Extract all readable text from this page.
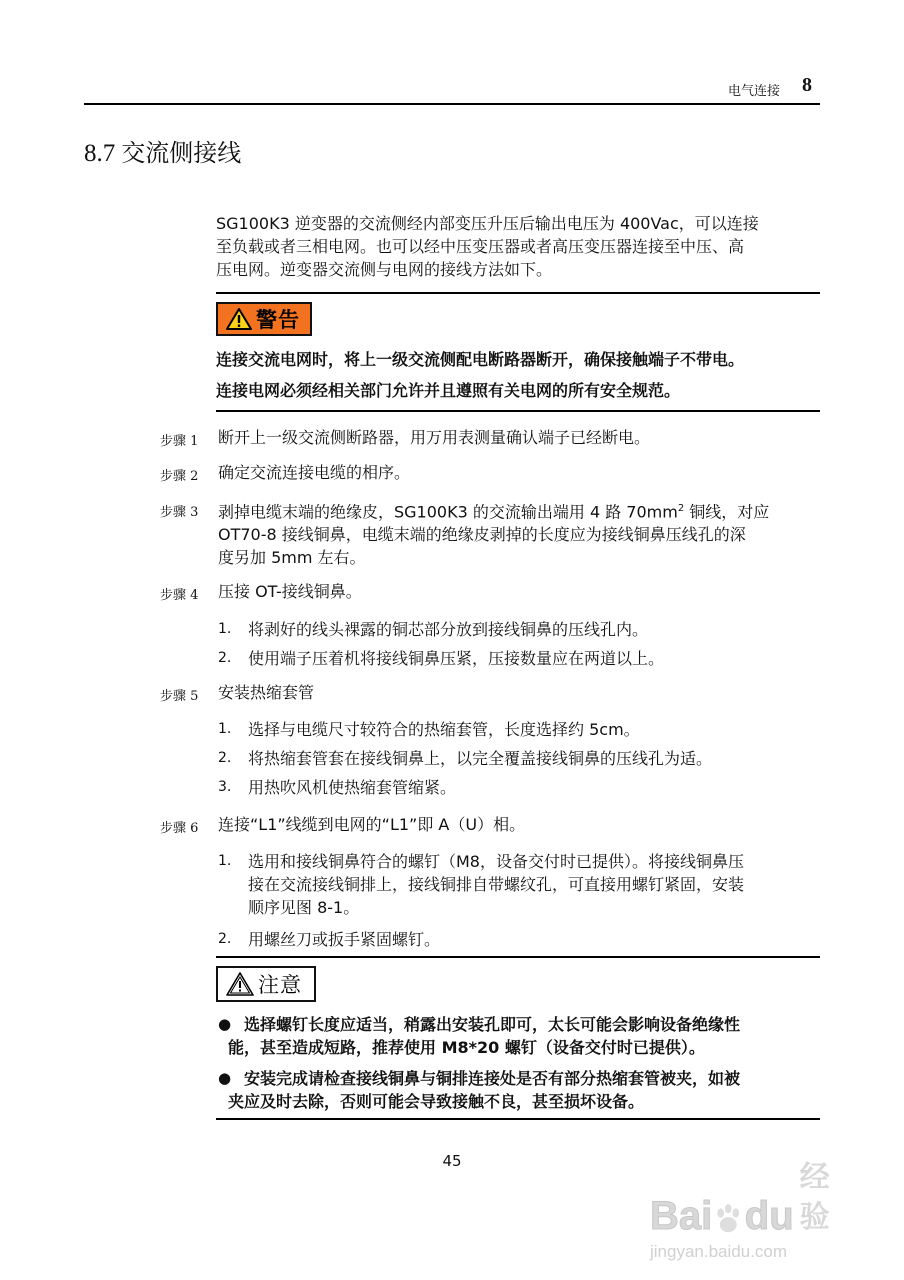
电气连接 8
8.7 交流侧接线
SG100K3 逆变器的交流侧经内部变压升压后输出电压为 400Vac，可以连接
至负载或者三相电网。也可以经中压变压器或者高压变压器连接至中压、高
压电网。逆变器交流侧与电网的接线方法如下。
警告
连接交流电网时，将上一级交流侧配电断路器断开，确保接触端子不带电。
连接电网必须经相关部门允许并且遵照有关电网的所有安全规范。
步骤 1 断开上一级交流侧断路器，用万用表测量确认端子已经断电。
步骤 2 确定交流连接电缆的相序。
步骤 3 剥掉电缆末端的绝缘皮，SG100K3 的交流输出端用 4 路 $70mm^2$ 铜线，对应
OT70-8 接线铜鼻，电缆末端的绝缘皮剥掉的长度应为接线铜鼻压线孔的深
度另加 5mm 左右。
步骤 4 压接 OT-接线铜鼻。
1. 将剥好的线头裸露的铜芯部分放到接线铜鼻的压线孔内。
2. 使用端子压着机将接线铜鼻压紧，压接数量应在两道以上。
步骤 5 安装热缩套管
1. 选择与电缆尺寸较符合的热缩套管，长度选择约 5cm。
2. 将热缩套管套在接线铜鼻上，以完全覆盖接线铜鼻的压线孔为适。
3. 用热吹风机使热缩套管缩紧。
步骤 6 连接“L1”线缆到电网的“L1”即 A（U）相。
1. 选用和接线铜鼻符合的螺钉（M8，设备交付时已提供）。将接线铜鼻压
接在交流接线铜排上，接线铜排自带螺纹孔，可直接用螺钉紧固，安装
顺序见图 8-1。
2. 用螺丝刀或扳手紧固螺钉。
注意
● 选择螺钉长度应适当，稍露出安装孔即可，太长可能会影响设备绝缘性
能，甚至造成短路，推荐使用 M8*20 螺钉（设备交付时已提供）。
● 安装完成请检查接线铜鼻与铜排连接处是否有部分热缩套管被夹，如被
夹应及时去除，否则可能会导致接触不良，甚至损坏设备。
45
Bai du
经验
jingyan.baidu.com
